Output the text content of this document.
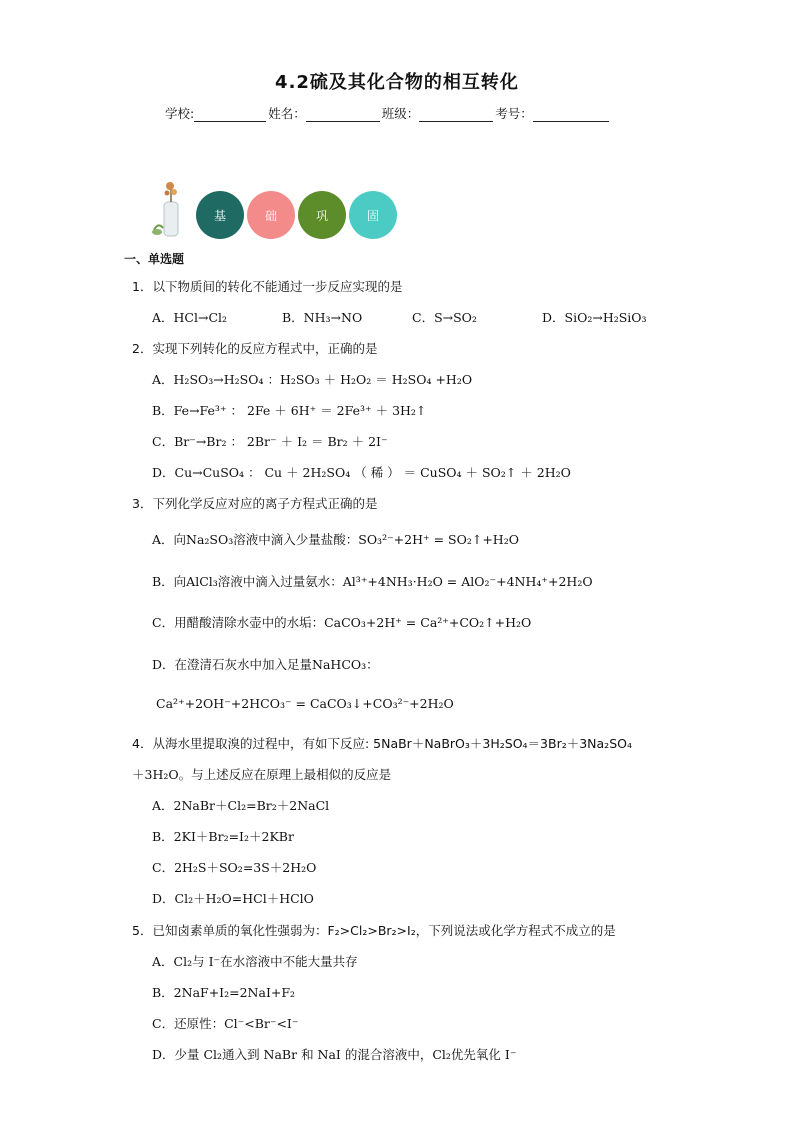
4.2硫及其化合物的相互转化
学校:	姓名：	班级：	考号：
基	础	巩	固
一、单选题
1．以下物质间的转化不能通过一步反应实现的是
A．HCl→Cl₂	B．NH₃→NO	C．S→SO₂	D．SiO₂→H₂SiO₃
2．实现下列转化的反应方程式中，正确的是
A．H₂SO₃→H₂SO₄ ：H₂SO₃ ＋ H₂O₂ ＝ H₂SO₄ +H₂O
B．Fe→Fe³⁺ ： 2Fe ＋ 6H⁺ ＝ 2Fe³⁺ ＋ 3H₂↑
C．Br⁻→Br₂ ： 2Br⁻ ＋ I₂ ＝ Br₂ ＋ 2I⁻
D．Cu→CuSO₄ ： Cu ＋ 2H₂SO₄ （ 稀 ） ＝ CuSO₄ ＋ SO₂↑ ＋ 2H₂O
3．下列化学反应对应的离子方程式正确的是
A．向Na₂SO₃溶液中滴入少量盐酸：SO₃²⁻+2H⁺ = SO₂↑+H₂O
B．向AlCl₃溶液中滴入过量氨水：Al³⁺+4NH₃·H₂O = AlO₂⁻+4NH₄⁺+2H₂O
C．用醋酸清除水壶中的水垢：CaCO₃+2H⁺ = Ca²⁺+CO₂↑+H₂O
D．在澄清石灰水中加入足量NaHCO₃：
Ca²⁺+2OH⁻+2HCO₃⁻ = CaCO₃↓+CO₃²⁻+2H₂O
4．从海水里提取溴的过程中，有如下反应: 5NaBr＋NaBrO₃＋3H₂SO₄＝3Br₂＋3Na₂SO₄
＋3H₂O。与上述反应在原理上最相似的反应是
A．2NaBr＋Cl₂=Br₂＋2NaCl
B．2KI＋Br₂=I₂＋2KBr
C．2H₂S＋SO₂=3S＋2H₂O
D．Cl₂＋H₂O=HCl＋HClO
5．已知卤素单质的氧化性强弱为：F₂>Cl₂>Br₂>I₂，下列说法或化学方程式不成立的是
A．Cl₂与 I⁻在水溶液中不能大量共存
B．2NaF+I₂=2NaI+F₂
C．还原性：Cl⁻<Br⁻<I⁻
D．少量 Cl₂通入到 NaBr 和 NaI 的混合溶液中，Cl₂优先氧化 I⁻
